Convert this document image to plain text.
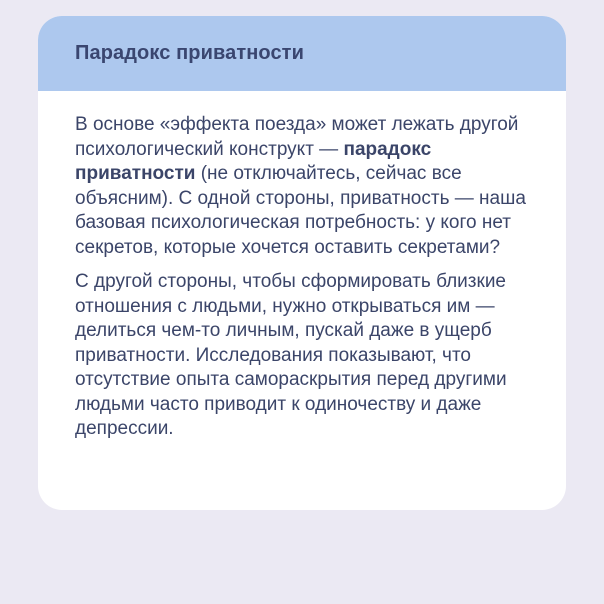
Парадокс приватности

В основе «эффекта поезда» может лежать другой психологический конструкт — парадокс приватности (не отключайтесь, сейчас все объясним). С одной стороны, приватность — наша базовая психологическая потребность: у кого нет секретов, которые хочется оставить секретами?

С другой стороны, чтобы сформировать близкие отношения с людьми, нужно открываться им — делиться чем-то личным, пускай даже в ущерб приватности. Исследования показывают, что отсутствие опыта самораскрытия перед другими людьми часто приводит к одиночеству и даже депрессии.
